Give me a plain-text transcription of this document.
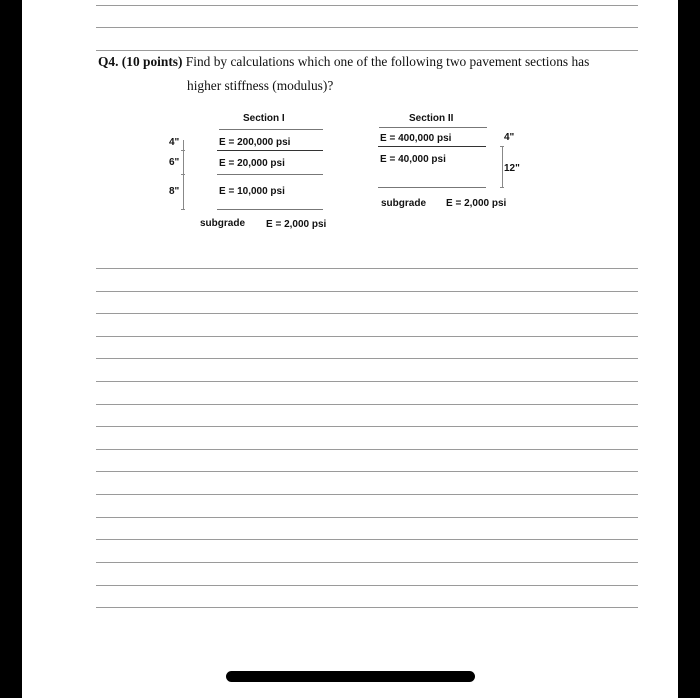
Q4. (10 points) Find by calculations which one of the following two pavement sections has
higher stiffness (modulus)?
Section I
4"
6"
8"
E = 200,000 psi
E = 20,000 psi
E = 10,000 psi
subgrade E = 2,000 psi
Section II
E = 400,000 psi
E = 40,000 psi
4"
12"
subgrade E = 2,000 psi
